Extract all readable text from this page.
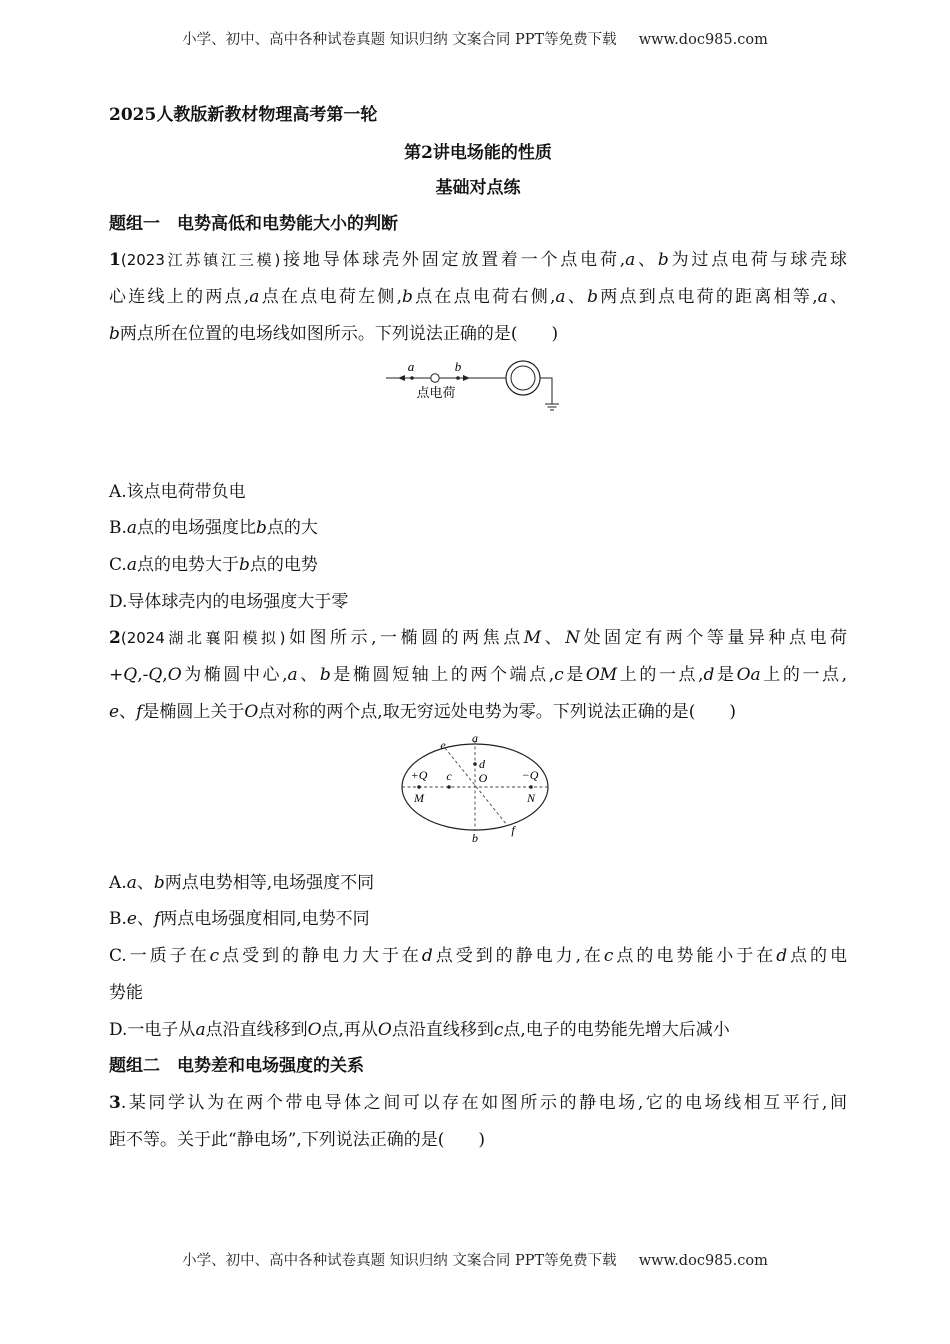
小学、初中、高中各种试卷真题 知识归纳 文案合同 PPT等免费下载 www.doc985.com
2025人教版新教材物理高考第一轮
第2讲电场能的性质
基础对点练
题组一　电势高低和电势能大小的判断
1(2023江苏镇江三模)接地导体球壳外固定放置着一个点电荷,a、b为过点电荷与球壳球
心连线上的两点,a点在点电荷左侧,b点在点电荷右侧,a、b两点到点电荷的距离相等,a、
b两点所在位置的电场线如图所示。下列说法正确的是(　　)
a	b
点电荷
A.该点电荷带负电
B.a点的电场强度比b点的大
C.a点的电势大于b点的电势
D.导体球壳内的电场强度大于零
2(2024湖北襄阳模拟)如图所示,一椭圆的两焦点M、N处固定有两个等量异种点电荷
+Q,-Q,O为椭圆中心,a、b是椭圆短轴上的两个端点,c是OM上的一点,d是Oa上的一点,
e、f是椭圆上关于O点对称的两个点,取无穷远处电势为零。下列说法正确的是(　　)
a
b
c
d
O
e
f
+Q	−Q
M	N
A.a、b两点电势相等,电场强度不同
B.e、f两点电场强度相同,电势不同
C.一质子在c点受到的静电力大于在d点受到的静电力,在c点的电势能小于在d点的电
势能
D.一电子从a点沿直线移到O点,再从O点沿直线移到c点,电子的电势能先增大后减小
题组二　电势差和电场强度的关系
3.某同学认为在两个带电导体之间可以存在如图所示的静电场,它的电场线相互平行,间
距不等。关于此“静电场”,下列说法正确的是(　　)
小学、初中、高中各种试卷真题 知识归纳 文案合同 PPT等免费下载 www.doc985.com
